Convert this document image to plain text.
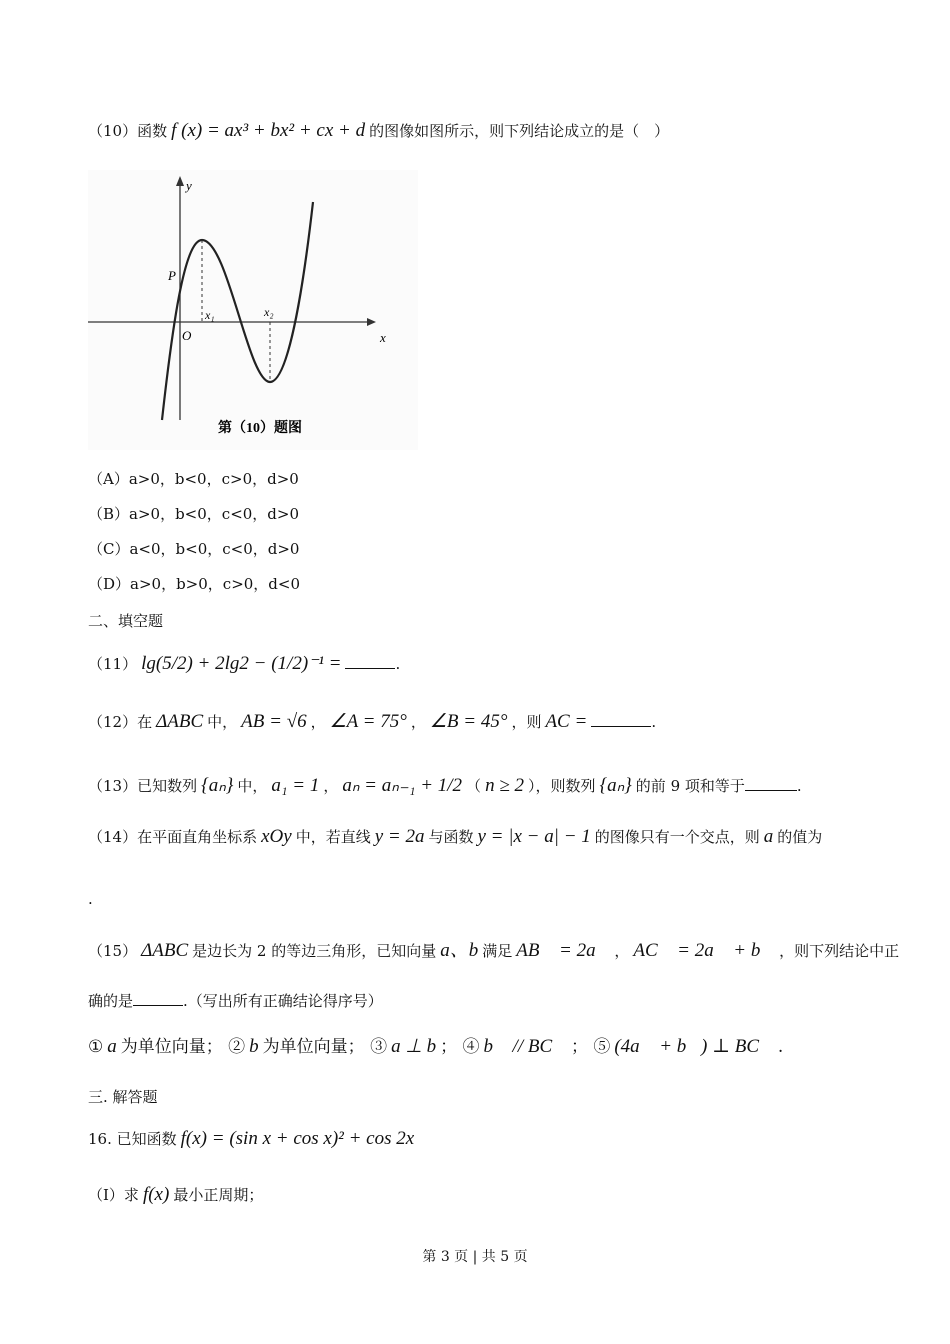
（10）函数 f (x) = ax³ + bx² + cx + d 的图像如图所示，则下列结论成立的是（　）
y
x
O
P
x₁	x₂
第（10）题图
（A）a>0，b<0，c>0，d>0
（B）a>0，b<0，c<0，d>0
（C）a<0，b<0，c<0，d>0
（D）a>0，b>0，c>0，d<0
二、填空题
（11） lg(5/2) + 2lg2 − (1/2)⁻¹ =	.
（12）在 ΔABC 中， AB = √6 ， ∠A = 75° ， ∠B = 45° ，则 AC =	.
（13）已知数列 {aₙ} 中， a₁ = 1 ， aₙ = aₙ₋₁ + 1/2 （ n ≥ 2 ），则数列 {aₙ} 的前 9 项和等于	.
（14）在平面直角坐标系 xOy 中，若直线 y = 2a 与函数 y = |x − a| − 1 的图像只有一个交点，则 a 的值为
.
（15） ΔABC 是边长为 2 的等边三角形，已知向量 a、b 满足 AB⃗ = 2a⃗ ， AC⃗ = 2a⃗ + b⃗ ，则下列结论中正
确的是	.（写出所有正确结论得序号）
① a 为单位向量； ② b 为单位向量； ③ a ⊥ b ； ④ b⃗ // BC⃗ ； ⑤ (4a⃗ + b⃗) ⊥ BC⃗ .
三. 解答题
16. 已知函数 f(x) = (sin x + cos x)² + cos 2x
（Ⅰ）求 f(x) 最小正周期；
第 3 页 | 共 5 页
